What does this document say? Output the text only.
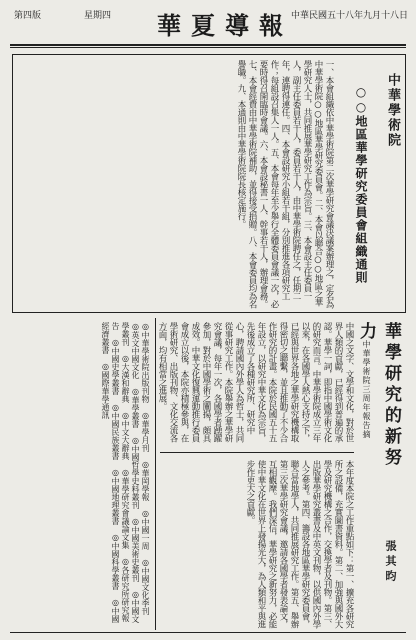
中華民國五十八年九月十八日
華夏導報
星期四
第四版
中華學術院
○○地區華學研究委員會組織通則
一、本會組織依中華學術院第二次華學研究會議決議案辦理之，定名為中華學術院○○地區華學研究委員會。二、本會以聯合○○地區之華學研究人士，共同推展華學研究工作為宗旨。三、本會設主任委員一人，副主任委員若干人，委員若干人，由中華學術院聘任之，任期二年，連聘得連任。四、本會設研究小組若干組，分別推進各項研究工作；每組設召集人一人。五、本會每年至少舉行全體委員會議一次，必要時得召開臨時會議。六、本會設秘書一人、幹事若干人，辦理會務。七、本會經費由中華學術院補助，並得接受捐贈。八、本會委員均為名譽職。九、本通則由中華學術院院長核定施行。
華學研究的新努力
中華學術院三周年報告摘
張其昀
中國之文字、文學和文化，對於世界人類的貢獻，已經得到普遍的承認。華學一詞，即指中國學術文化的研究而言。中華學術院成立三年以來，在各國學人熱心支持之下，已經與世界各地之華學研究機構取得密切之聯繫，並且推動了不少合作研究的計畫。本院於民國五十五年設立，以研究中華文化為宗旨，先後成立了各種研究所、研究中心，聘請國內外學人為哲士，共同從事研究工作。本院舉辦之華學研究會議，每年一次，各國學者踴躍參加，對於中國學術之闡揚，頗具成效。中華文化復興運動推行委員會成立以後，本院亦積極參與，在學術研究、出版刊物、文化交流各方面，均有相當之進展。
本年度本院之工作重點如下：第一、擴充各研究所之設備，充實圖書資料。第二、加強與國外大學及研究機構之合作，交換學者及刊物。第三、出版華學研究叢書及中英文刊物，以供國內外學人之參考。第四、籌設各地區華學研究委員會，聯合當地學人，共同推展研究工作。第五、舉辦第三次華學研究會議，邀請各國學者發表論文，互相觀摩。我們深信，華學研究之新努力，必能使中華文化在世界上發揚光大，為人類和平與進步作更大之貢獻。
◎中華學術院出版刊物　◎華學月刊　◎華岡學報　◎中國一周　◎中國文化季刊　◎英文中國文化　◎華學叢書　◎中國哲學史料叢刊　◎中國美術史叢刊　◎中國文學叢刊　◎大漢和辭典　◎中文大辭典　◎華學研究會議論文集　◎各研究所研究報告　◎中國史學叢書　◎中國民族叢書　◎中國地理叢書　◎中國科學叢書　◎中國經濟叢書　◎國際華學通訊
